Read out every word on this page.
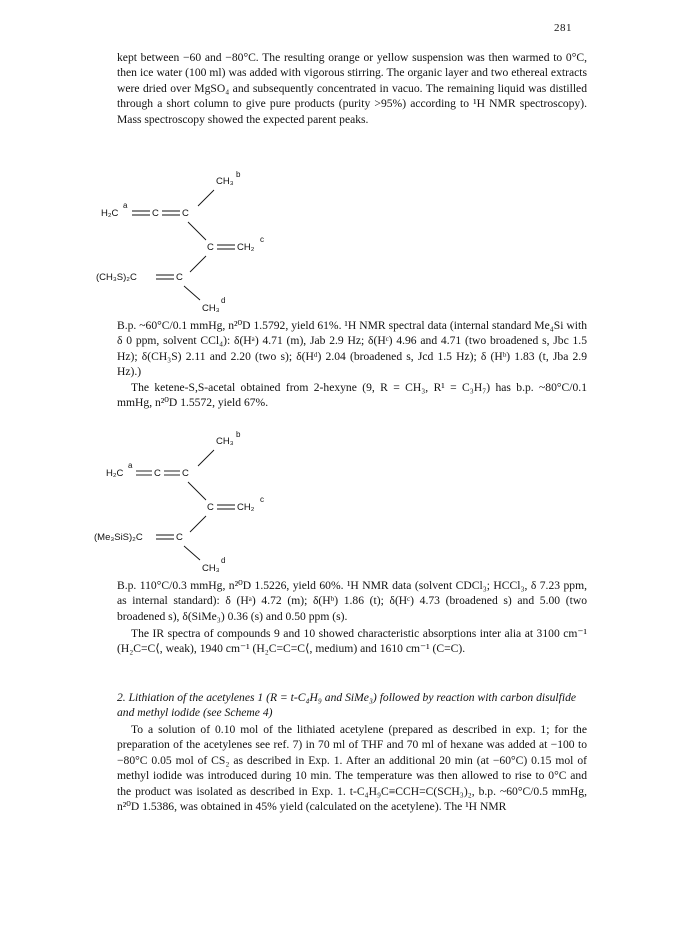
281

kept between −60 and −80°C. The resulting orange or yellow suspension was then warmed to 0°C, then ice water (100 ml) was added with vigorous stirring. The organic layer and two ethereal extracts were dried over MgSO₄ and subsequently concentrated in vacuo. The remaining liquid was distilled through a short column to give pure products (purity >95%) according to ¹H NMR spectroscopy). Mass spectroscopy showed the expected parent peaks.

CH₃
b
H₂C
a
C C
C CH₂
c
(CH₃S)₂C	C
CH₃
d

B.p. ~60°C/0.1 mmHg, n²⁰D 1.5792, yield 61%. ¹H NMR spectral data (internal standard Me₄Si with δ 0 ppm, solvent CCl₄): δ(Hᵃ) 4.71 (m), Jab 2.9 Hz; δ(Hᶜ) 4.96 and 4.71 (two broadened s, Jbc 1.5 Hz); δ(CH₃S) 2.11 and 2.20 (two s); δ(Hᵈ) 2.04 (broadened s, Jcd 1.5 Hz); δ (Hᵇ) 1.83 (t, Jba 2.9 Hz).)

The ketene-S,S-acetal obtained from 2-hexyne (9, R = CH₃, R¹ = C₃H₇) has b.p. ~80°C/0.1 mmHg, n²⁰D 1.5572, yield 67%.

CH₃
b
H₂C
a
C C
C CH₂
c
(Me₃SiS)₂C	C
CH₃
d

B.p. 110°C/0.3 mmHg, n²⁰D 1.5226, yield 60%. ¹H NMR data (solvent CDCl₃; HCCl₃, δ 7.23 ppm, as internal standard): δ (Hᵃ) 4.72 (m); δ(Hᵇ) 1.86 (t); δ(Hᶜ) 4.73 (broadened s) and 5.00 (two broadened s), δ(SiMe₃) 0.36 (s) and 0.50 ppm (s).

The IR spectra of compounds 9 and 10 showed characteristic absorptions inter alia at 3100 cm⁻¹ (H₂C=C⟨, weak), 1940 cm⁻¹ (H₂C=C=C⟨, medium) and 1610 cm⁻¹ (C=C).

2. Lithiation of the acetylenes 1 (R = t-C₄H₉ and SiMe₃) followed by reaction with carbon disulfide and methyl iodide (see Scheme 4)

To a solution of 0.10 mol of the lithiated acetylene (prepared as described in exp. 1; for the preparation of the acetylenes see ref. 7) in 70 ml of THF and 70 ml of hexane was added at −100 to −80°C 0.05 mol of CS₂ as described in Exp. 1. After an additional 20 min (at −60°C) 0.15 mol of methyl iodide was introduced during 10 min. The temperature was then allowed to rise to 0°C and the product was isolated as described in Exp. 1. t-C₄H₉C≡CCH=C(SCH₃)₂, b.p. ~60°C/0.5 mmHg, n²⁰D 1.5386, was obtained in 45% yield (calculated on the acetylene). The ¹H NMR
